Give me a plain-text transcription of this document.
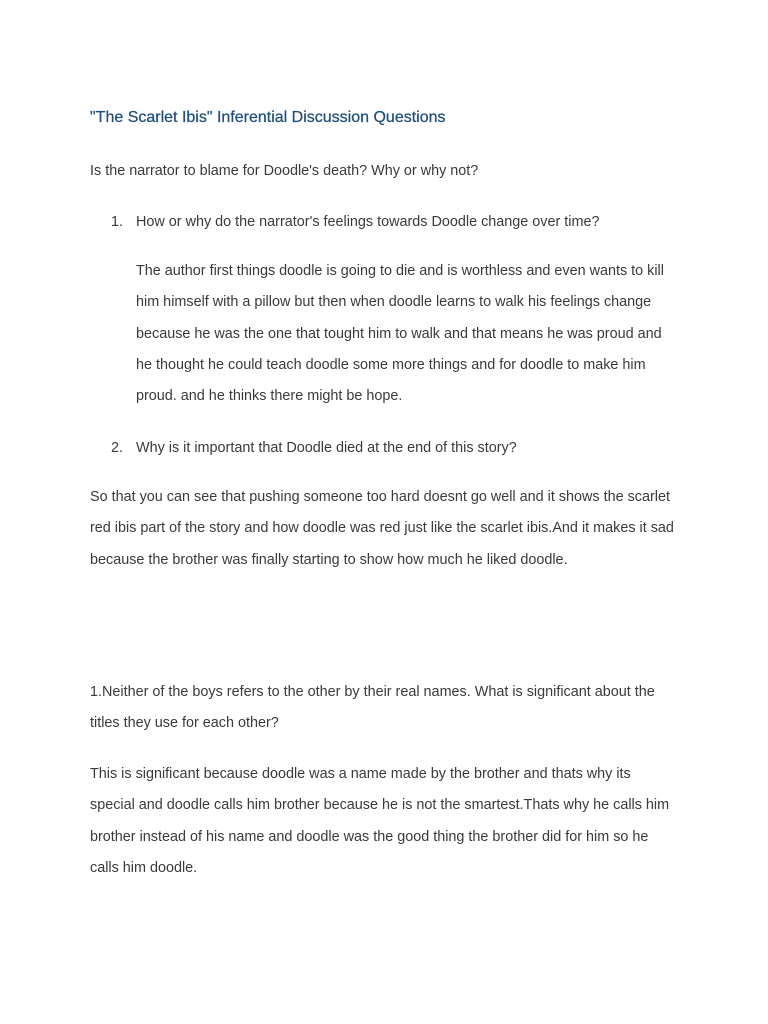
"The Scarlet Ibis" Inferential Discussion Questions

Is the narrator to blame for Doodle's death? Why or why not?

1. How or why do the narrator's feelings towards Doodle change over time?

The author first things doodle is going to die and is worthless and even wants to kill him himself with a pillow but then when doodle learns to walk his feelings change because he was the one that tought him to walk and that means he was proud and he thought he could teach doodle some more things and for doodle to make him proud. and he thinks there might be hope.

2. Why is it important that Doodle died at the end of this story?

So that you can see that pushing someone too hard doesnt go well and it shows the scarlet red ibis part of the story and how doodle was red just like the scarlet ibis.And it makes it sad because the brother was finally starting to show how much he liked doodle.

1.Neither of the boys refers to the other by their real names. What is significant about the titles they use for each other?

This is significant because doodle was a name made by the brother and thats why its special and doodle calls him brother because he is not the smartest.Thats why he calls him brother instead of his name and doodle was the good thing the brother did for him so he calls him doodle.
